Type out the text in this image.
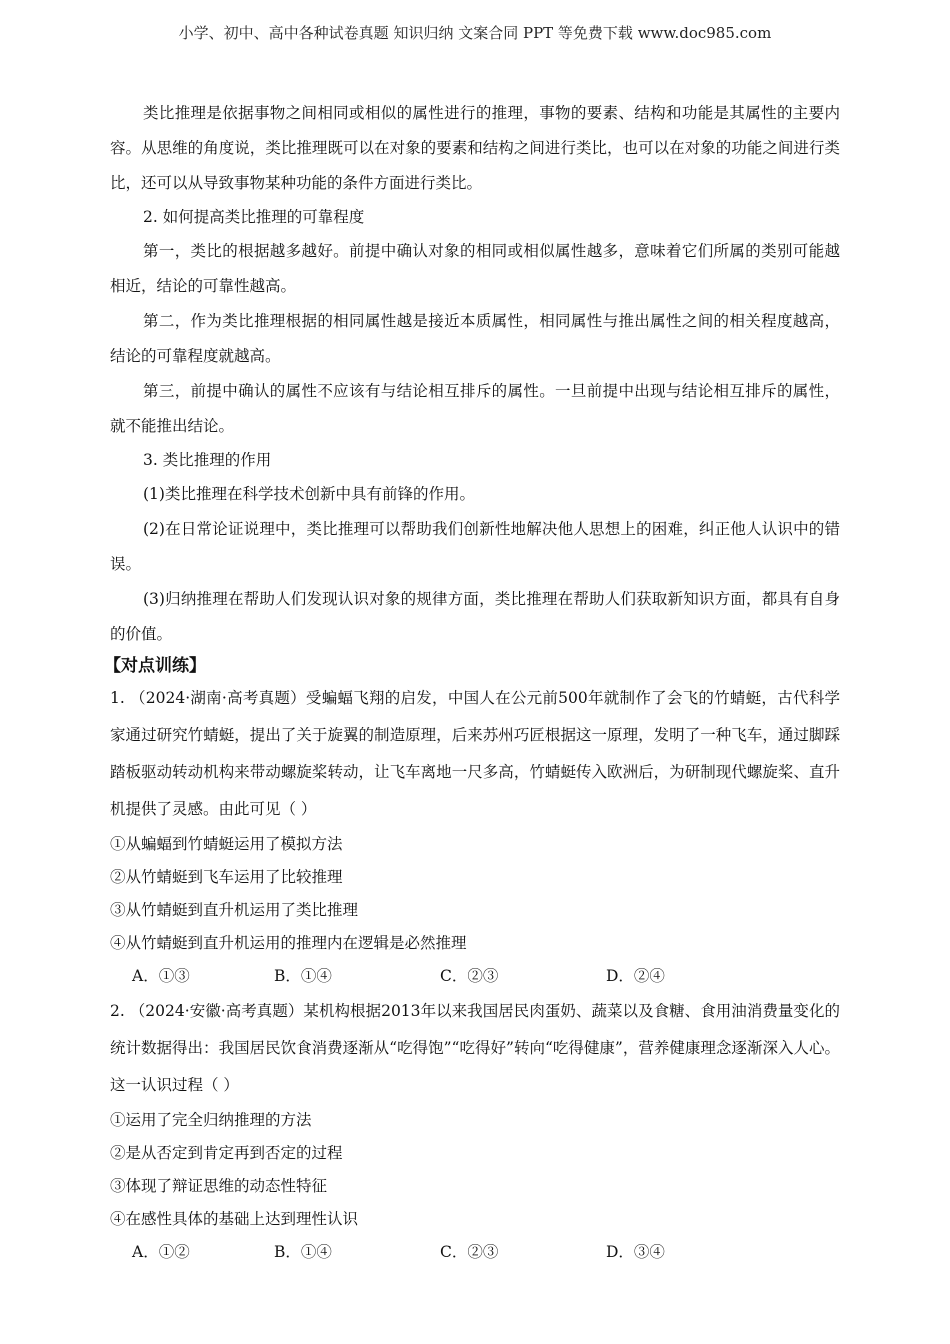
小学、初中、高中各种试卷真题 知识归纳 文案合同 PPT 等免费下载 www.doc985.com

类比推理是依据事物之间相同或相似的属性进行的推理，事物的要素、结构和功能是其属性的主要内容。从思维的角度说，类比推理既可以在对象的要素和结构之间进行类比，也可以在对象的功能之间进行类比，还可以从导致事物某种功能的条件方面进行类比。

2. 如何提高类比推理的可靠程度

第一，类比的根据越多越好。前提中确认对象的相同或相似属性越多，意味着它们所属的类别可能越相近，结论的可靠性越高。

第二，作为类比推理根据的相同属性越是接近本质属性，相同属性与推出属性之间的相关程度越高，结论的可靠程度就越高。

第三，前提中确认的属性不应该有与结论相互排斥的属性。一旦前提中出现与结论相互排斥的属性，就不能推出结论。

3. 类比推理的作用

(1)类比推理在科学技术创新中具有前锋的作用。

(2)在日常论证说理中，类比推理可以帮助我们创新性地解决他人思想上的困难，纠正他人认识中的错误。

(3)归纳推理在帮助人们发现认识对象的规律方面，类比推理在帮助人们获取新知识方面，都具有自身的价值。

【对点训练】

1. （2024·湖南·高考真题）受蝙蝠飞翔的启发，中国人在公元前500年就制作了会飞的竹蜻蜓，古代科学家通过研究竹蜻蜓，提出了关于旋翼的制造原理，后来苏州巧匠根据这一原理，发明了一种飞车，通过脚踩踏板驱动转动机构来带动螺旋桨转动，让飞车离地一尺多高，竹蜻蜓传入欧洲后，为研制现代螺旋桨、直升机提供了灵感。由此可见（ ）

①从蝙蝠到竹蜻蜓运用了模拟方法

②从竹蜻蜓到飞车运用了比较推理

③从竹蜻蜓到直升机运用了类比推理

④从竹蜻蜓到直升机运用的推理内在逻辑是必然推理

A．①③	B．①④	C．②③	D．②④

2. （2024·安徽·高考真题）某机构根据2013年以来我国居民肉蛋奶、蔬菜以及食糖、食用油消费量变化的统计数据得出：我国居民饮食消费逐渐从“吃得饱”“吃得好”转向“吃得健康”，营养健康理念逐渐深入人心。这一认识过程（ ）

①运用了完全归纳推理的方法

②是从否定到肯定再到否定的过程

③体现了辩证思维的动态性特征

④在感性具体的基础上达到理性认识

A．①②	B．①④	C．②③	D．③④
